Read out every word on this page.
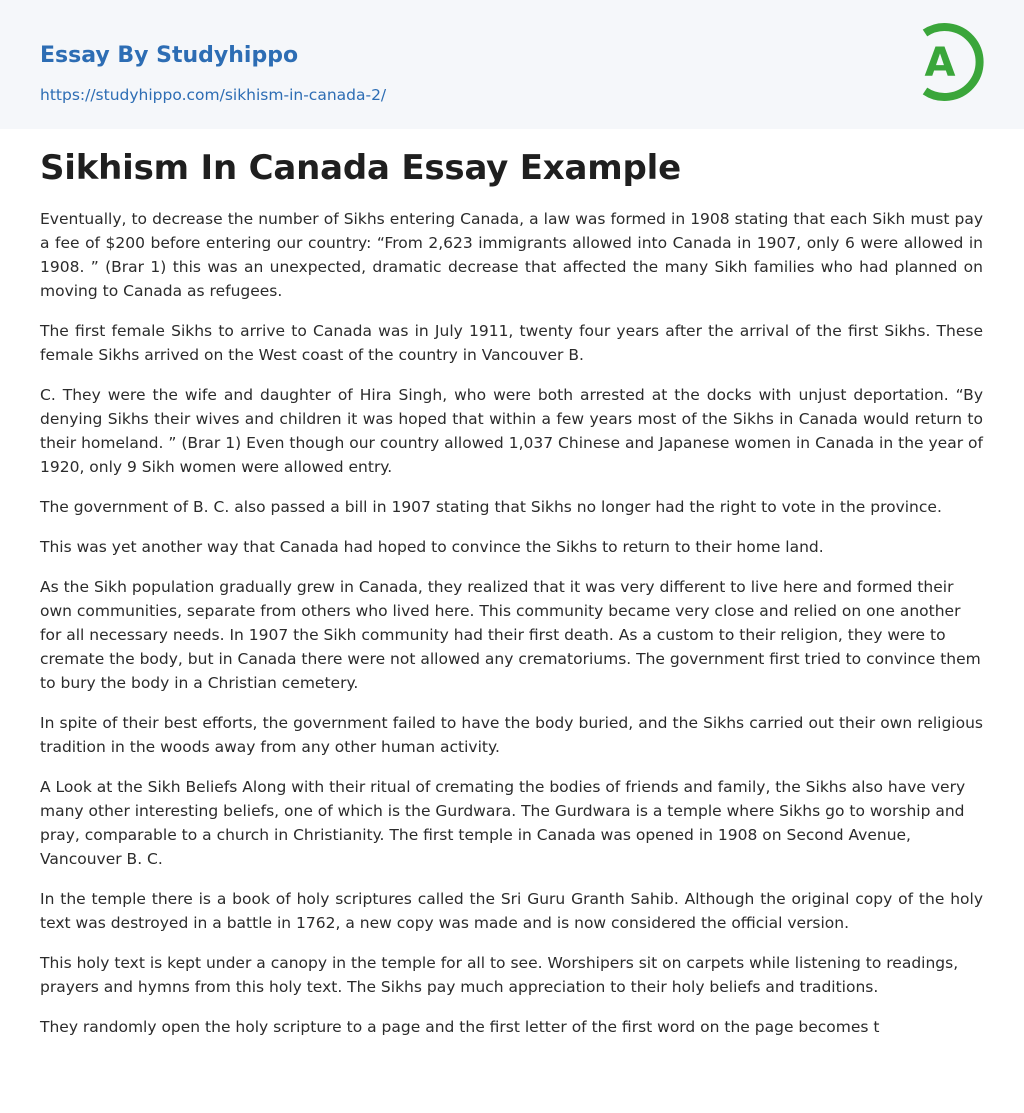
Essay By Studyhippo
https://studyhippo.com/sikhism-in-canada-2/
A
Sikhism In Canada Essay Example

Eventually, to decrease the number of Sikhs entering Canada, a law was formed in 1908 stating that each Sikh must pay a fee of $200 before entering our country: “From 2,623 immigrants allowed into Canada in 1907, only 6 were allowed in 1908. ” (Brar 1) this was an unexpected, dramatic decrease that affected the many Sikh families who had planned on moving to Canada as refugees.

The first female Sikhs to arrive to Canada was in July 1911, twenty four years after the arrival of the first Sikhs. These female Sikhs arrived on the West coast of the country in Vancouver B.

C. They were the wife and daughter of Hira Singh, who were both arrested at the docks with unjust deportation. “By denying Sikhs their wives and children it was hoped that within a few years most of the Sikhs in Canada would return to their homeland. ” (Brar 1) Even though our country allowed 1,037 Chinese and Japanese women in Canada in the year of 1920, only 9 Sikh women were allowed entry.

The government of B. C. also passed a bill in 1907 stating that Sikhs no longer had the right to vote in the province.

This was yet another way that Canada had hoped to convince the Sikhs to return to their home land.

As the Sikh population gradually grew in Canada, they realized that it was very different to live here and formed their own communities, separate from others who lived here. This community became very close and relied on one another for all necessary needs. In 1907 the Sikh community had their first death. As a custom to their religion, they were to cremate the body, but in Canada there were not allowed any crematoriums. The government first tried to convince them to bury the body in a Christian cemetery.

In spite of their best efforts, the government failed to have the body buried, and the Sikhs carried out their own religious tradition in the woods away from any other human activity.

A Look at the Sikh Beliefs Along with their ritual of cremating the bodies of friends and family, the Sikhs also have very many other interesting beliefs, one of which is the Gurdwara. The Gurdwara is a temple where Sikhs go to worship and pray, comparable to a church in Christianity. The first temple in Canada was opened in 1908 on Second Avenue, Vancouver B. C.

In the temple there is a book of holy scriptures called the Sri Guru Granth Sahib. Although the original copy of the holy text was destroyed in a battle in 1762, a new copy was made and is now considered the official version.

This holy text is kept under a canopy in the temple for all to see. Worshipers sit on carpets while listening to readings, prayers and hymns from this holy text. The Sikhs pay much appreciation to their holy beliefs and traditions.

They randomly open the holy scripture to a page and the first letter of the first word on the page becomes t
